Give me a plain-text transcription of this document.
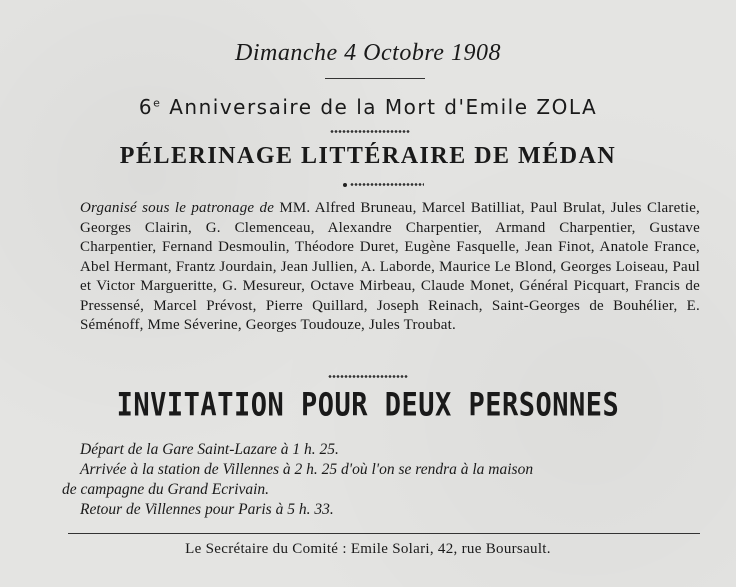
Dimanche 4 Octobre 1908
6e Anniversaire de la Mort d'Emile ZOLA
PÉLERINAGE LITTÉRAIRE DE MÉDAN
Organisé sous le patronage de MM. Alfred Bruneau, Marcel Batilliat, Paul Brulat, Jules Claretie, Georges Clairin, G. Clemenceau, Alexandre Charpentier, Armand Charpentier, Gustave Charpentier, Fernand Desmoulin, Théodore Duret, Eugène Fasquelle, Jean Finot, Anatole France, Abel Hermant, Frantz Jourdain, Jean Jullien, A. Laborde, Maurice Le Blond, Georges Loiseau, Paul et Victor Margueritte, G. Mesureur, Octave Mirbeau, Claude Monet, Général Picquart, Francis de Pressensé, Marcel Prévost, Pierre Quillard, Joseph Reinach, Saint-Georges de Bouhélier, E. Séménoff, Mme Séverine, Georges Toudouze, Jules Troubat.
INVITATION POUR DEUX PERSONNES
Départ de la Gare Saint-Lazare à 1 h. 25.
Arrivée à la station de Villennes à 2 h. 25 d'où l'on se rendra à la maison
de campagne du Grand Ecrivain.
Retour de Villennes pour Paris à 5 h. 33.
Le Secrétaire du Comité : Emile Solari, 42, rue Boursault.
